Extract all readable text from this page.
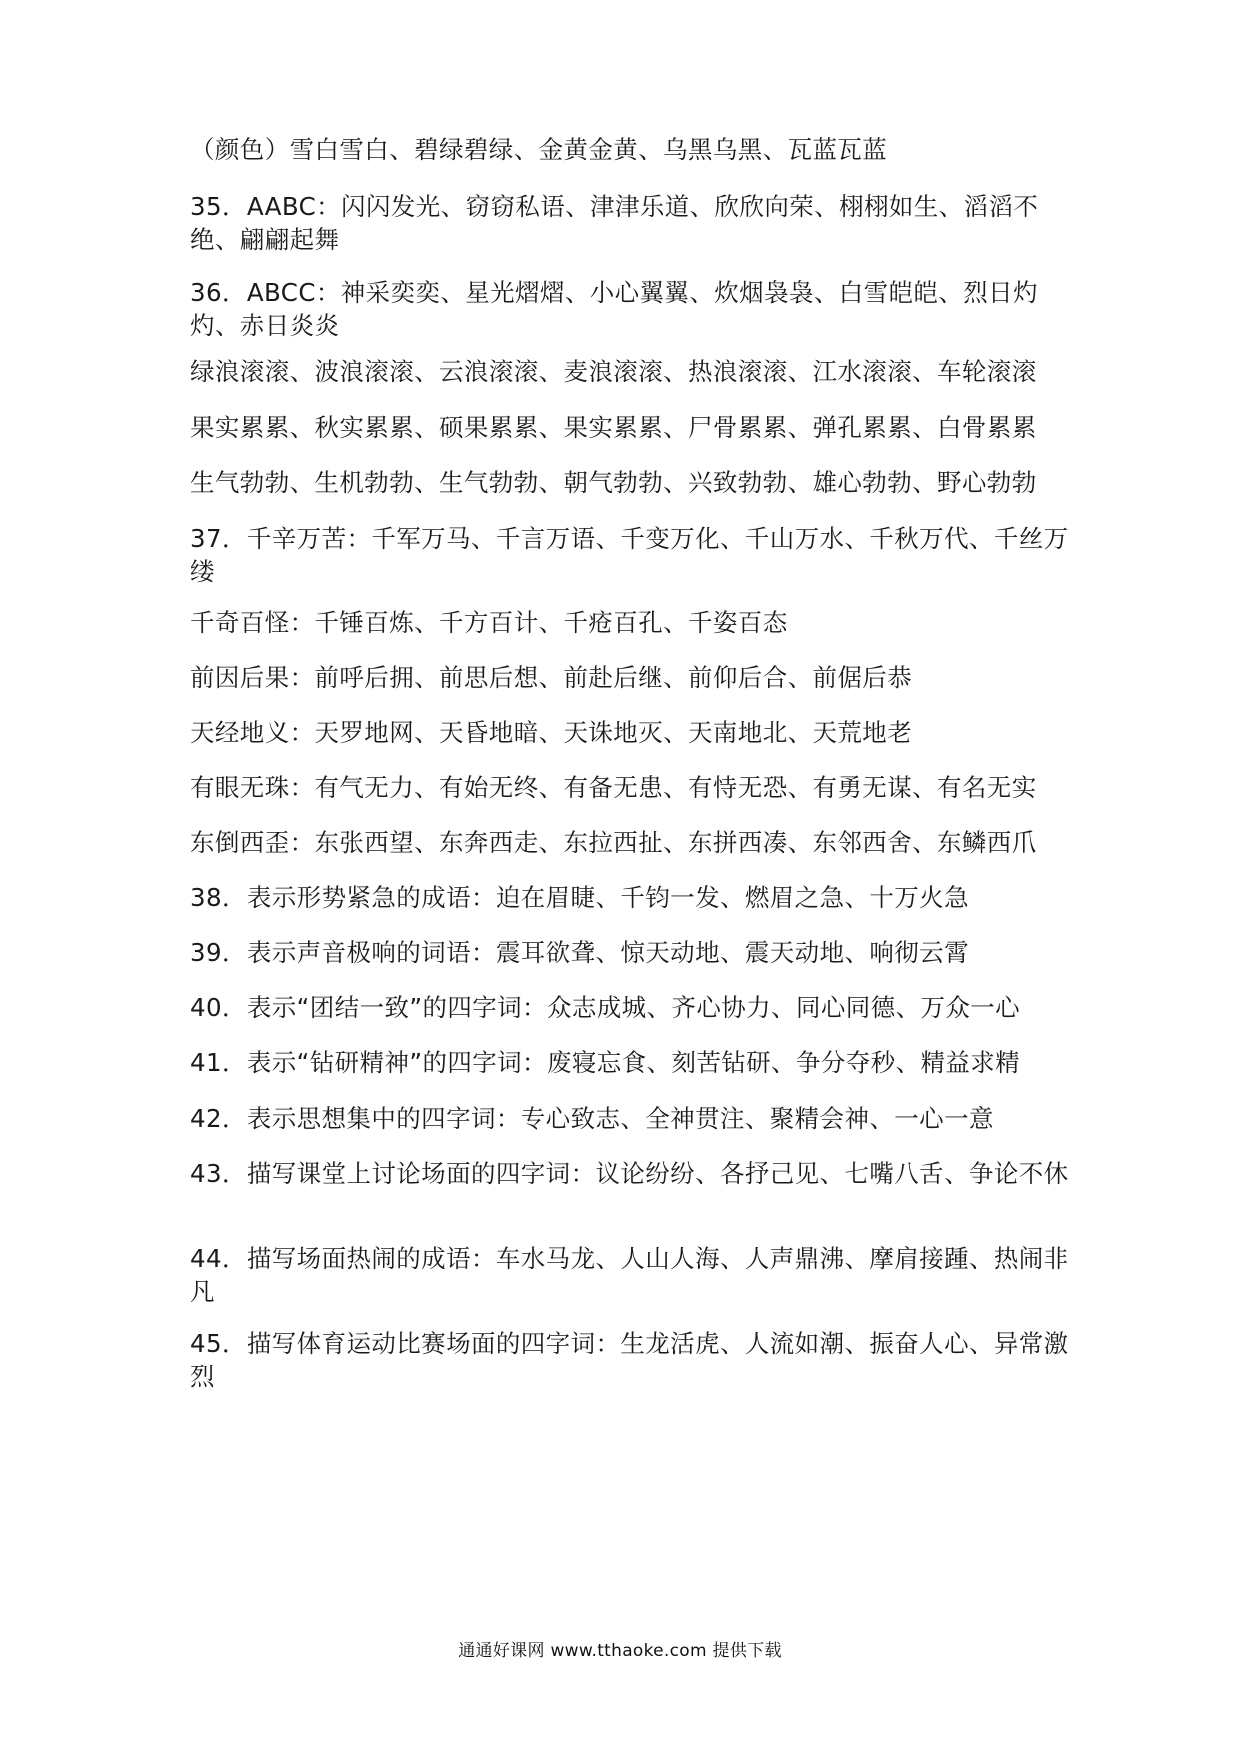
（颜色）雪白雪白、碧绿碧绿、金黄金黄、乌黑乌黑、瓦蓝瓦蓝
35．AABC：闪闪发光、窃窃私语、津津乐道、欣欣向荣、栩栩如生、滔滔不绝、翩翩起舞
36．ABCC：神采奕奕、星光熠熠、小心翼翼、炊烟袅袅、白雪皑皑、烈日灼灼、赤日炎炎
绿浪滚滚、波浪滚滚、云浪滚滚、麦浪滚滚、热浪滚滚、江水滚滚、车轮滚滚
果实累累、秋实累累、硕果累累、果实累累、尸骨累累、弹孔累累、白骨累累
生气勃勃、生机勃勃、生气勃勃、朝气勃勃、兴致勃勃、雄心勃勃、野心勃勃
37．千辛万苦：千军万马、千言万语、千变万化、千山万水、千秋万代、千丝万缕
千奇百怪：千锤百炼、千方百计、千疮百孔、千姿百态
前因后果：前呼后拥、前思后想、前赴后继、前仰后合、前倨后恭
天经地义：天罗地网、天昏地暗、天诛地灭、天南地北、天荒地老
有眼无珠：有气无力、有始无终、有备无患、有恃无恐、有勇无谋、有名无实
东倒西歪：东张西望、东奔西走、东拉西扯、东拼西凑、东邻西舍、东鳞西爪
38．表示形势紧急的成语：迫在眉睫、千钧一发、燃眉之急、十万火急
39．表示声音极响的词语：震耳欲聋、惊天动地、震天动地、响彻云霄
40．表示“团结一致”的四字词：众志成城、齐心协力、同心同德、万众一心
41．表示“钻研精神”的四字词：废寝忘食、刻苦钻研、争分夺秒、精益求精
42．表示思想集中的四字词：专心致志、全神贯注、聚精会神、一心一意
43．描写课堂上讨论场面的四字词：议论纷纷、各抒己见、七嘴八舌、争论不休
44．描写场面热闹的成语：车水马龙、人山人海、人声鼎沸、摩肩接踵、热闹非凡
45．描写体育运动比赛场面的四字词：生龙活虎、人流如潮、振奋人心、异常激烈
通通好课网 www.tthaoke.com 提供下载
